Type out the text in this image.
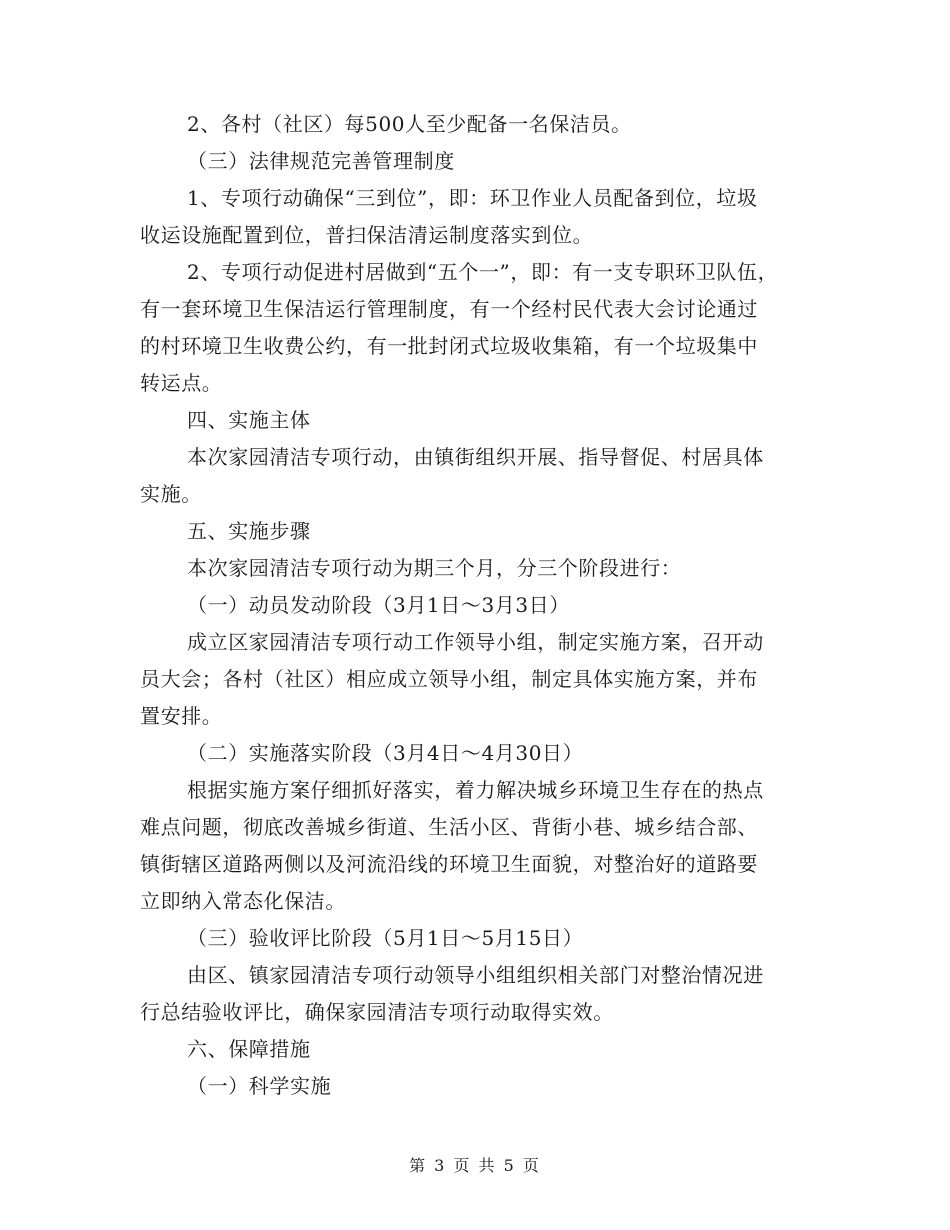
2、各村（社区）每500人至少配备一名保洁员。

（三）法律规范完善管理制度

1、专项行动确保“三到位”，即：环卫作业人员配备到位，垃圾

收运设施配置到位，普扫保洁清运制度落实到位。

2、专项行动促进村居做到“五个一”，即：有一支专职环卫队伍，

有一套环境卫生保洁运行管理制度，有一个经村民代表大会讨论通过

的村环境卫生收费公约，有一批封闭式垃圾收集箱，有一个垃圾集中

转运点。

四、实施主体

本次家园清洁专项行动，由镇街组织开展、指导督促、村居具体

实施。

五、实施步骤

本次家园清洁专项行动为期三个月，分三个阶段进行：

（一）动员发动阶段（3月1日～3月3日）

成立区家园清洁专项行动工作领导小组，制定实施方案，召开动

员大会；各村（社区）相应成立领导小组，制定具体实施方案，并布

置安排。

（二）实施落实阶段（3月4日～4月30日）

根据实施方案仔细抓好落实，着力解决城乡环境卫生存在的热点

难点问题，彻底改善城乡街道、生活小区、背街小巷、城乡结合部、

镇街辖区道路两侧以及河流沿线的环境卫生面貌，对整治好的道路要

立即纳入常态化保洁。

（三）验收评比阶段（5月1日～5月15日）

由区、镇家园清洁专项行动领导小组组织相关部门对整治情况进

行总结验收评比，确保家园清洁专项行动取得实效。

六、保障措施

（一）科学实施

第 3 页 共 5 页
